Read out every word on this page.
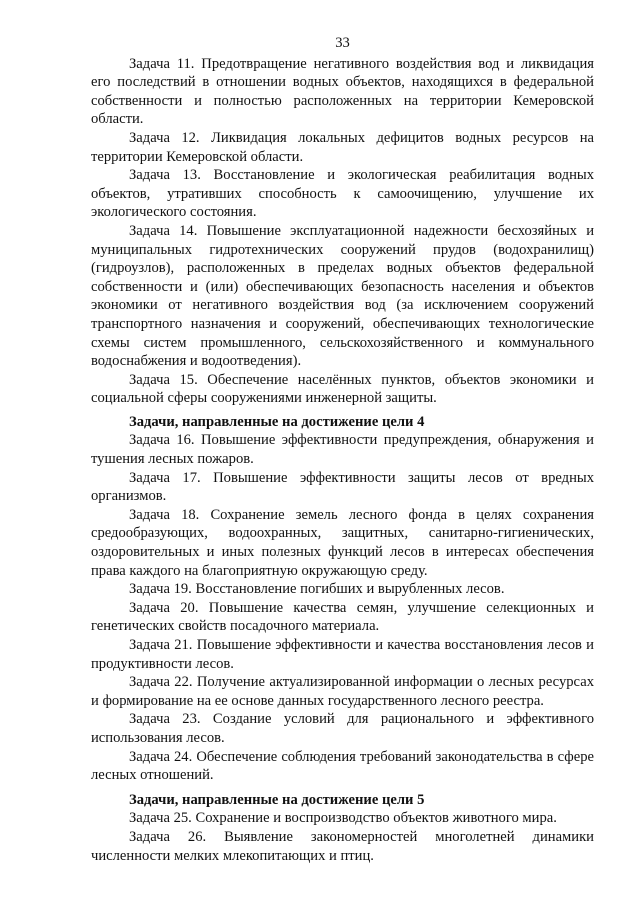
33

Задача 11. Предотвращение негативного воздействия вод и ликвидация его последствий в отношении водных объектов, находящихся в федеральной собственности и полностью расположенных на территории Кемеровской области.

Задача 12. Ликвидация локальных дефицитов водных ресурсов на территории Кемеровской области.

Задача 13. Восстановление и экологическая реабилитация водных объектов, утративших способность к самоочищению, улучшение их экологического состояния.

Задача 14. Повышение эксплуатационной надежности бесхозяйных и муниципальных гидротехнических сооружений прудов (водохранилищ) (гидроузлов), расположенных в пределах водных объектов федеральной собственности и (или) обеспечивающих безопасность населения и объектов экономики от негативного воздействия вод (за исключением сооружений транспортного назначения и сооружений, обеспечивающих технологические схемы систем промышленного, сельскохозяйственного и коммунального водоснабжения и водоотведения).

Задача 15. Обеспечение населённых пунктов, объектов экономики и социальной сферы сооружениями инженерной защиты.

Задачи, направленные на достижение цели 4

Задача 16. Повышение эффективности предупреждения, обнаружения и тушения лесных пожаров.

Задача 17. Повышение эффективности защиты лесов от вредных организмов.

Задача 18. Сохранение земель лесного фонда в целях сохранения средообразующих, водоохранных, защитных, санитарно-гигиенических, оздоровительных и иных полезных функций лесов в интересах обеспечения права каждого на благоприятную окружающую среду.

Задача 19. Восстановление погибших и вырубленных лесов.

Задача 20. Повышение качества семян, улучшение селекционных и генетических свойств посадочного материала.

Задача 21. Повышение эффективности и качества восстановления лесов и продуктивности лесов.

Задача 22. Получение актуализированной информации о лесных ресурсах и формирование на ее основе данных государственного лесного реестра.

Задача 23. Создание условий для рационального и эффективного использования лесов.

Задача 24. Обеспечение соблюдения требований законодательства в сфере лесных отношений.

Задачи, направленные на достижение цели 5

Задача 25. Сохранение и воспроизводство объектов животного мира.

Задача 26. Выявление закономерностей многолетней динамики численности мелких млекопитающих и птиц.
